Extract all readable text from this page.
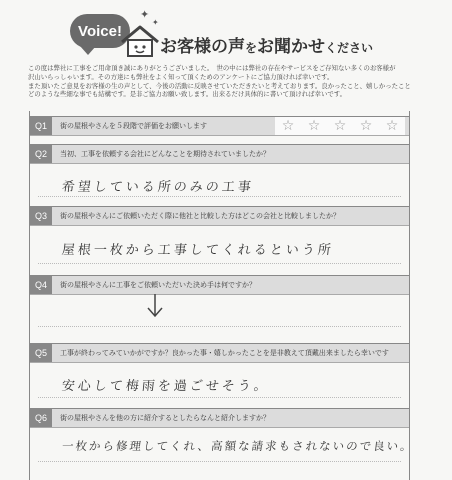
Voice!
お客様の声をお聞かせください
✦
✦
この度は弊社に工事をご用命頂き誠にありがとうございました。　世の中には弊社の存在やサービスをご存知ない多くのお客様が
沢山いらっしゃいます。その方達にも弊社をよく知って頂くためのアンケートにご協力頂ければ幸いです。
また頂いたご意見をお客様の生の声として、今後の活動に反映させていただきたいと考えております。良かったこと、嬉しかったこと
どのような些細な事でも結構です。是非ご協力お願い致します。出来るだけ具体的に書いて頂ければ幸いです。
Q1	街の屋根やさんを５段階で評価をお願いします	☆ ☆ ☆ ☆ ☆
Q2	当初、工事を依頼する会社にどんなことを期待されていましたか？
希望している所のみの工事
Q3	街の屋根やさんにご依頼いただく際に他社と比較した方はどこの会社と比較しましたか？
屋根一枚から工事してくれるという所
Q4	街の屋根やさんに工事をご依頼いただいた決め手は何ですか？
Q5	工事が終わってみていかがですか？良かった事・嬉しかったことを是非教えて頂戴出来ましたら幸いです
安心して梅雨を過ごせそう。
Q6	街の屋根やさんを他の方に紹介するとしたらなんと紹介しますか？
一枚から修理してくれ、高額な請求もされないので良い。
